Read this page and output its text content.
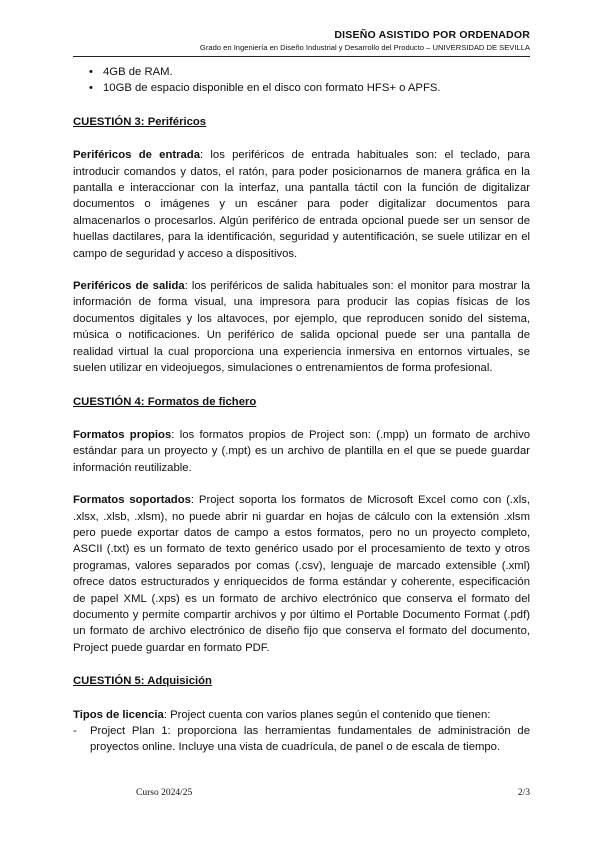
DISEÑO ASISTIDO POR ORDENADOR
Grado en Ingeniería en Diseño Industrial y Desarrollo del Producto – UNIVERSIDAD DE SEVILLA
• 4GB de RAM.
• 10GB de espacio disponible en el disco con formato HFS+ o APFS.
CUESTIÓN 3: Periféricos

Periféricos de entrada: los periféricos de entrada habituales son: el teclado, para introducir comandos y datos, el ratón, para poder posicionarnos de manera gráfica en la pantalla e interaccionar con la interfaz, una pantalla táctil con la función de digitalizar documentos o imágenes y un escáner para poder digitalizar documentos para almacenarlos o procesarlos. Algún periférico de entrada opcional puede ser un sensor de huellas dactilares, para la identificación, seguridad y autentificación, se suele utilizar en el campo de seguridad y acceso a dispositivos.

Periféricos de salida: los periféricos de salida habituales son: el monitor para mostrar la información de forma visual, una impresora para producir las copias físicas de los documentos digitales y los altavoces, por ejemplo, que reproducen sonido del sistema, música o notificaciones. Un periférico de salida opcional puede ser una pantalla de realidad virtual la cual proporciona una experiencia inmersiva en entornos virtuales, se suelen utilizar en videojuegos, simulaciones o entrenamientos de forma profesional.

CUESTIÓN 4: Formatos de fichero

Formatos propios: los formatos propios de Project son: (.mpp) un formato de archivo estándar para un proyecto y (.mpt) es un archivo de plantilla en el que se puede guardar información reutilizable.

Formatos soportados: Project soporta los formatos de Microsoft Excel como con (.xls, .xlsx, .xlsb, .xlsm), no puede abrir ni guardar en hojas de cálculo con la extensión .xlsm pero puede exportar datos de campo a estos formatos, pero no un proyecto completo, ASCII (.txt) es un formato de texto genérico usado por el procesamiento de texto y otros programas, valores separados por comas (.csv), lenguaje de marcado extensible (.xml) ofrece datos estructurados y enriquecidos de forma estándar y coherente, especificación de papel XML (.xps) es un formato de archivo electrónico que conserva el formato del documento y permite compartir archivos y por último el Portable Documento Format (.pdf) un formato de archivo electrónico de diseño fijo que conserva el formato del documento, Project puede guardar en formato PDF.

CUESTIÓN 5: Adquisición

Tipos de licencia: Project cuenta con varios planes según el contenido que tienen:

- Project Plan 1: proporciona las herramientas fundamentales de administración de proyectos online. Incluye una vista de cuadrícula, de panel o de escala de tiempo.
Curso 2024/25	2/3
